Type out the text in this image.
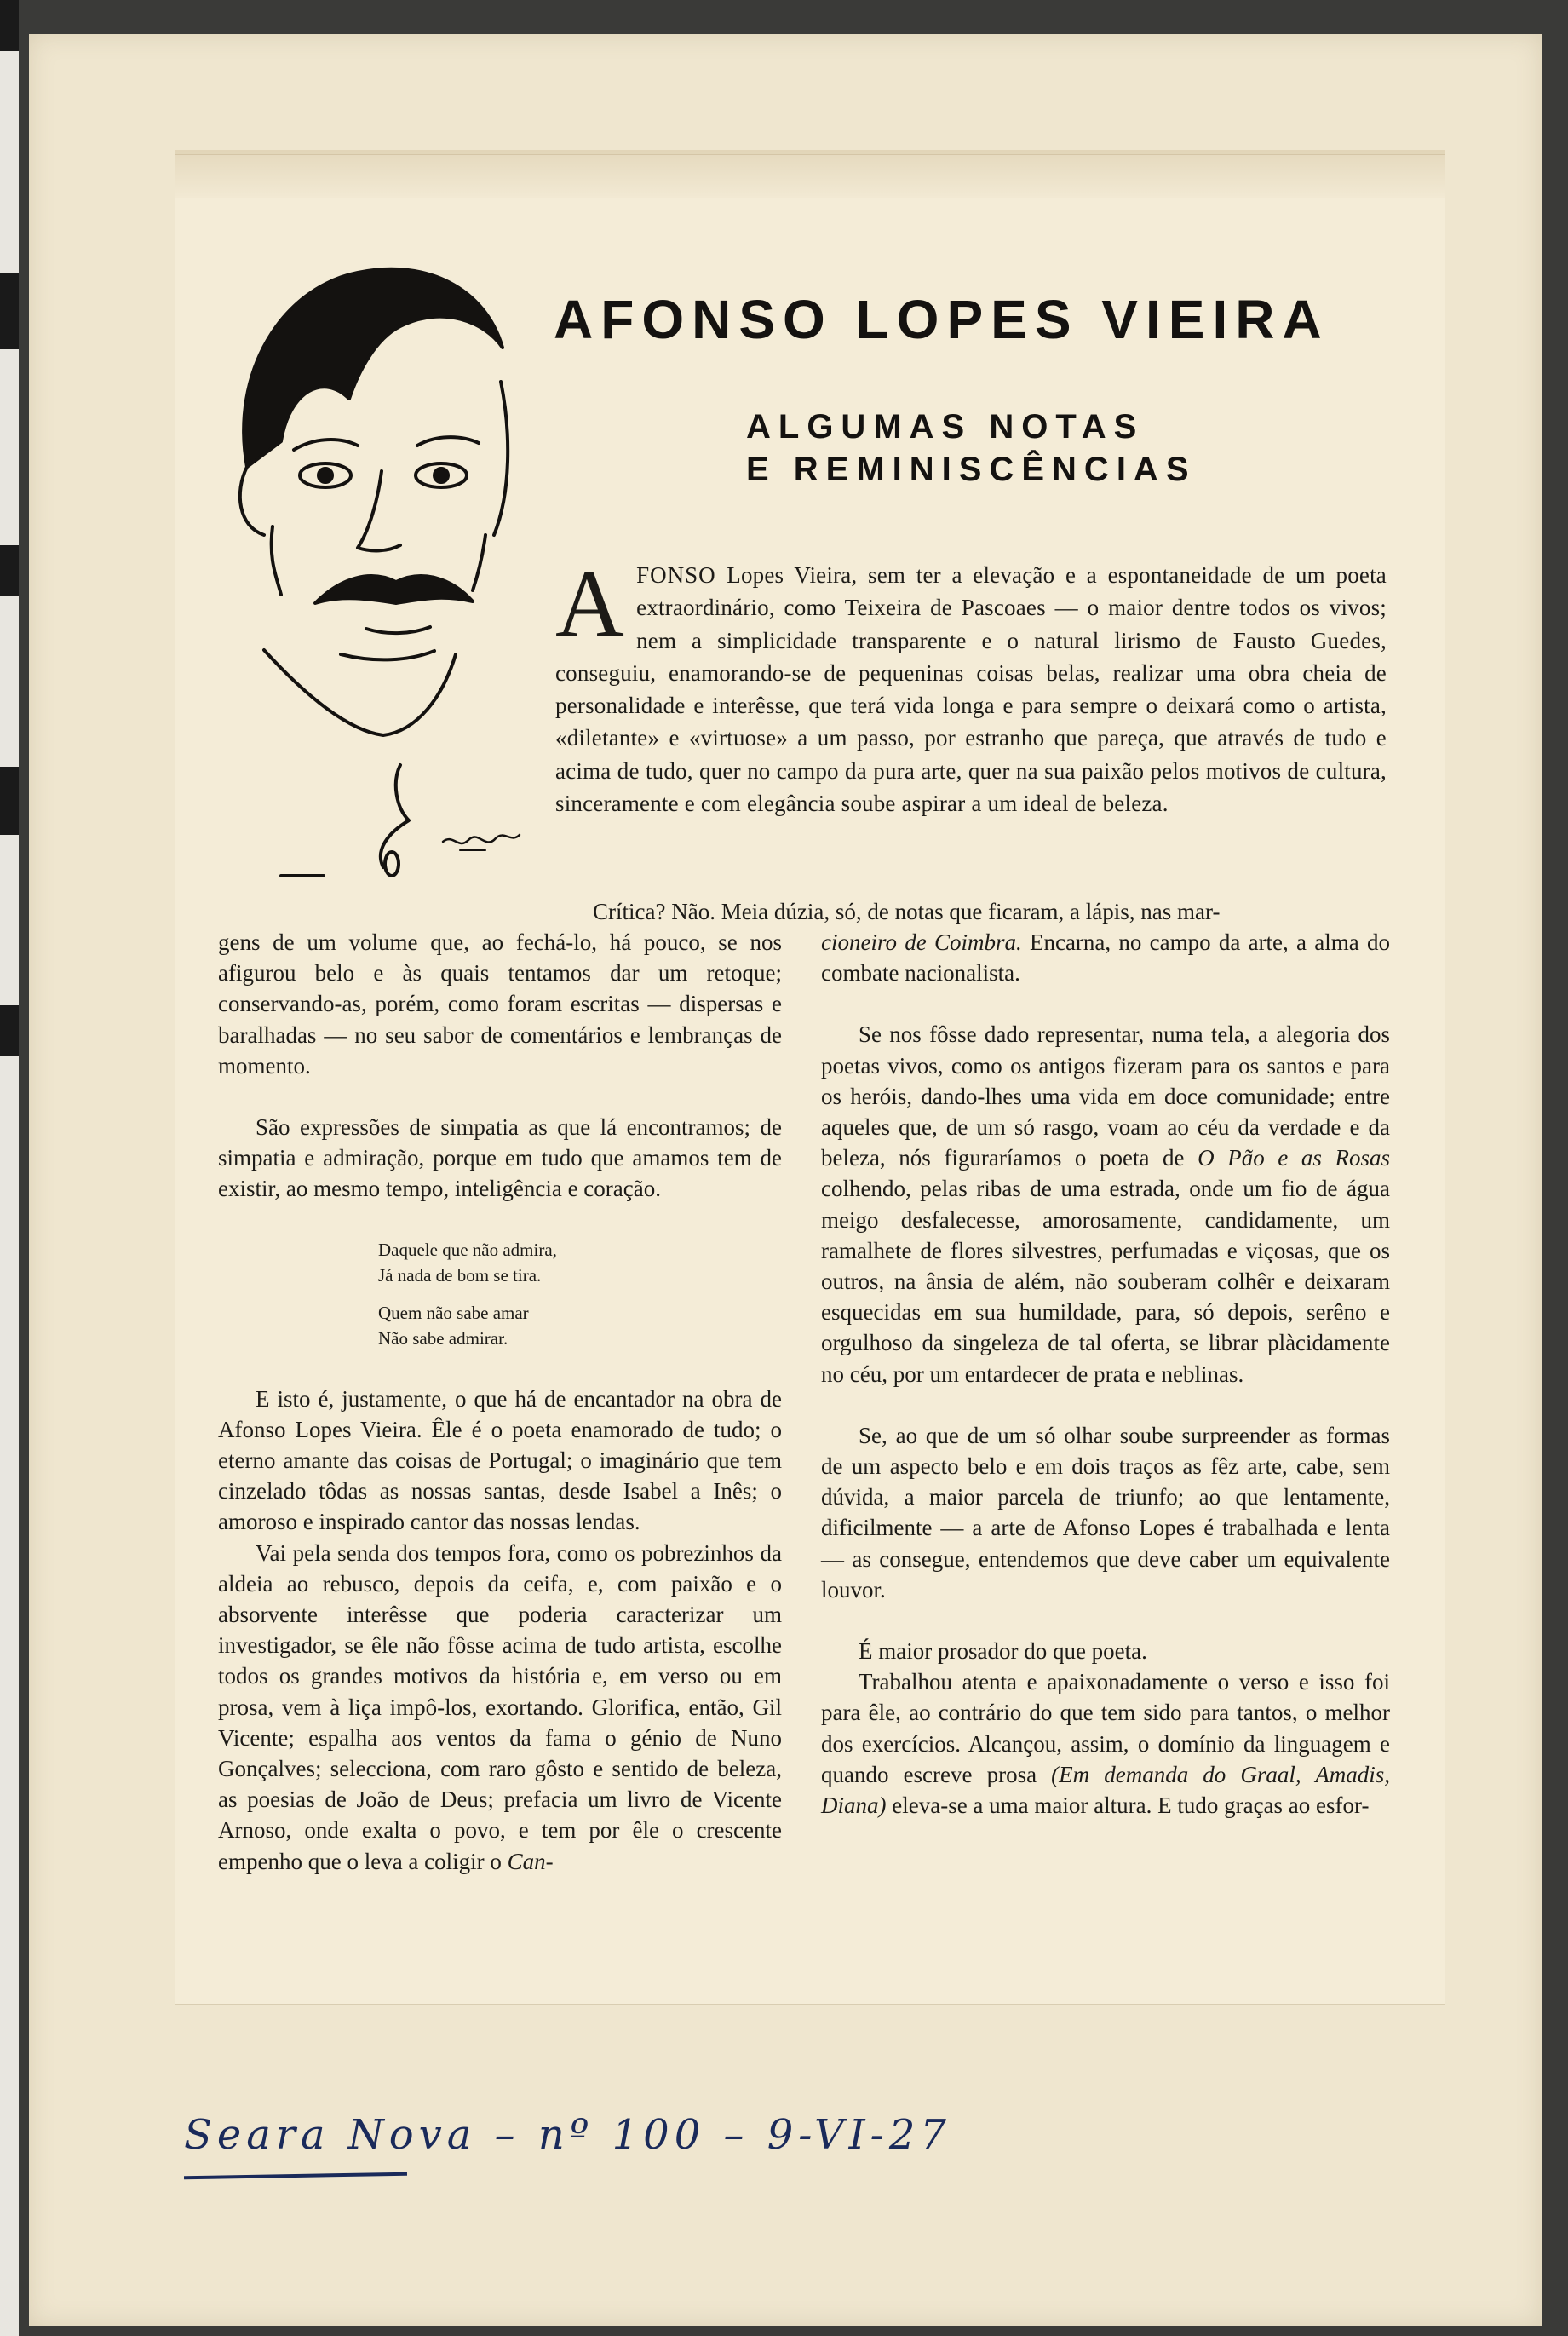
AFONSO LOPES VIEIRA
ALGUMAS NOTAS
E REMINISCÊNCIAS
AFONSO Lopes Vieira, sem ter a elevação e a espontaneidade de um poeta extraordinário, como Teixeira de Pascoaes — o maior dentre todos os vivos; nem a simplicidade transparente e o natural lirismo de Fausto Guedes, conseguiu, enamorando-se de pequeninas coisas belas, realizar uma obra cheia de personalidade e interêsse, que terá vida longa e para sempre o deixará como o artista, «diletante» e «virtuose» a um passo, por estranho que pareça, que através de tudo e acima de tudo, quer no campo da pura arte, quer na sua paixão pelos motivos de cultura, sinceramente e com elegância soube aspirar a um ideal de beleza.
Crítica? Não. Meia dúzia, só, de notas que ficaram, a lápis, nas mar-

gens de um volume que, ao fechá-lo, há pouco, se nos afigurou belo e às quais tentamos dar um retoque; conservando-as, porém, como foram escritas — dispersas e baralhadas — no seu sabor de comentários e lembranças de momento.

São expressões de simpatia as que lá encontramos; de simpatia e admiração, porque em tudo que amamos tem de existir, ao mesmo tempo, inteligência e coração.

Daquele que não admira,
Já nada de bom se tira.
Quem não sabe amar
Não sabe admirar.

E isto é, justamente, o que há de encantador na obra de Afonso Lopes Vieira. Êle é o poeta enamorado de tudo; o eterno amante das coisas de Portugal; o imaginário que tem cinzelado tôdas as nossas santas, desde Isabel a Inês; o amoroso e inspirado cantor das nossas lendas.

Vai pela senda dos tempos fora, como os pobrezinhos da aldeia ao rebusco, depois da ceifa, e, com paixão e o absorvente interêsse que poderia caracterizar um investigador, se êle não fôsse acima de tudo artista, escolhe todos os grandes motivos da história e, em verso ou em prosa, vem à liça impô-los, exortando. Glorifica, então, Gil Vicente; espalha aos ventos da fama o génio de Nuno Gonçalves; selecciona, com raro gôsto e sentido de beleza, as poesias de João de Deus; prefacia um livro de Vicente Arnoso, onde exalta o povo, e tem por êle o crescente empenho que o leva a coligir o Can-

cioneiro de Coimbra. Encarna, no campo da arte, a alma do combate nacionalista.

Se nos fôsse dado representar, numa tela, a alegoria dos poetas vivos, como os antigos fizeram para os santos e para os heróis, dando-lhes uma vida em doce comunidade; entre aqueles que, de um só rasgo, voam ao céu da verdade e da beleza, nós figuraríamos o poeta de O Pão e as Rosas colhendo, pelas ribas de uma estrada, onde um fio de água meigo desfalecesse, amorosamente, candidamente, um ramalhete de flores silvestres, perfumadas e viçosas, que os outros, na ânsia de além, não souberam colhêr e deixaram esquecidas em sua humildade, para, só depois, serêno e orgulhoso da singeleza de tal oferta, se librar plàcidamente no céu, por um entardecer de prata e neblinas.

Se, ao que de um só olhar soube surpreender as formas de um aspecto belo e em dois traços as fêz arte, cabe, sem dúvida, a maior parcela de triunfo; ao que lentamente, dificilmente — a arte de Afonso Lopes é trabalhada e lenta — as consegue, entendemos que deve caber um equivalente louvor.

É maior prosador do que poeta.

Trabalhou atenta e apaixonadamente o verso e isso foi para êle, ao contrário do que tem sido para tantos, o melhor dos exercícios. Alcançou, assim, o domínio da linguagem e quando escreve prosa (Em demanda do Graal, Amadis, Diana) eleva-se a uma maior altura. E tudo graças ao esfor-

Seara Nova – nº 100 – 9-VI-27
